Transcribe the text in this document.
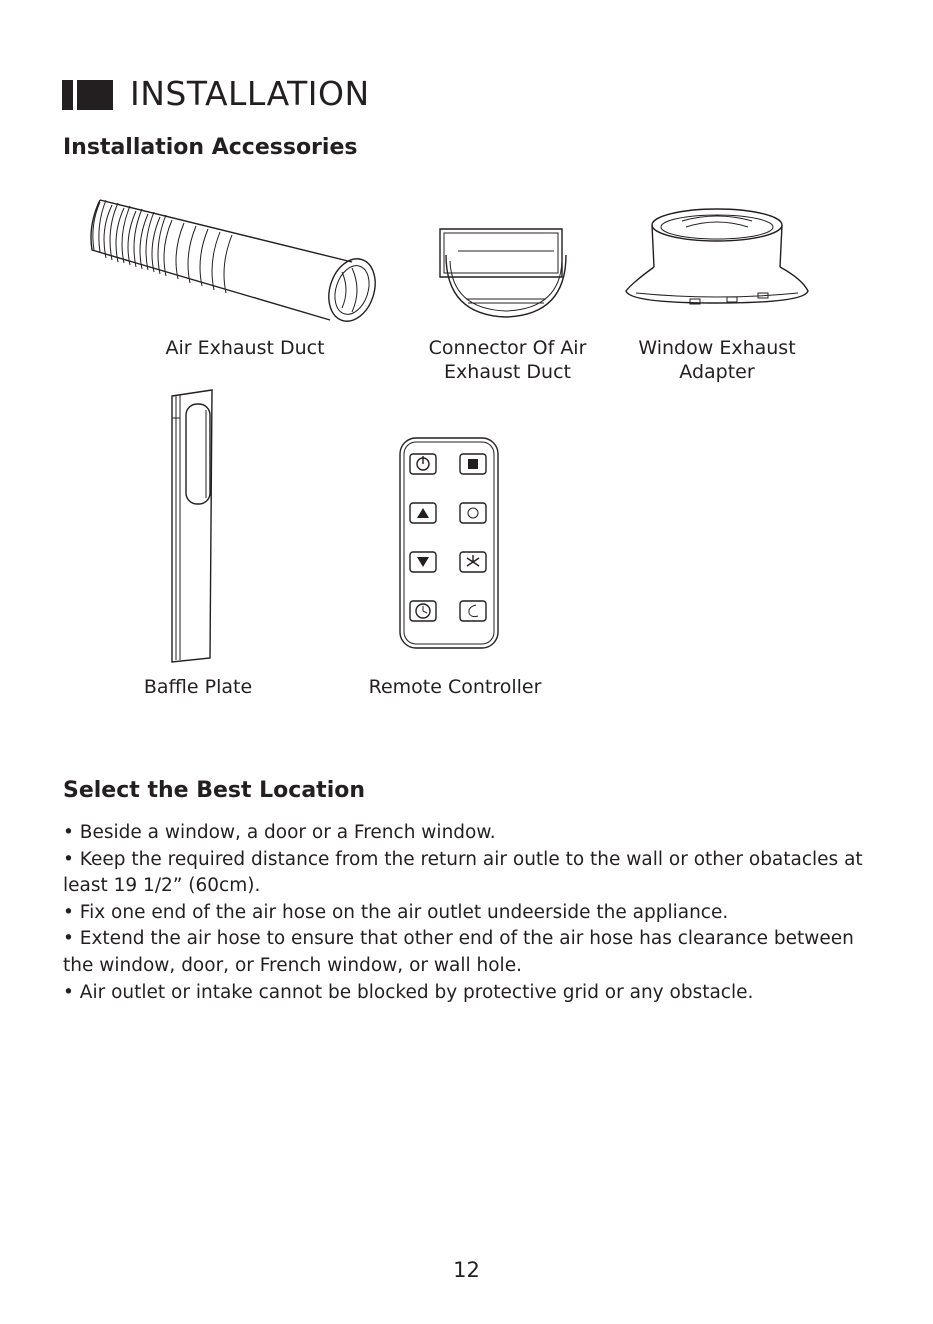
INSTALLATION
Installation Accessories
Air Exhaust Duct	Connector Of Air
Exhaust Duct
Window Exhaust
Adapter
Baffle Plate	Remote Controller
Select the Best Location
• Beside a window, a door or a French window.
• Keep the required distance from the return air outle to the wall or other obatacles at least 19 1/2” (60cm).
• Fix one end of the air hose on the air outlet undeerside the appliance.
• Extend the air hose to ensure that other end of the air hose has clearance between the window, door, or French window, or wall hole.
• Air outlet or intake cannot be blocked by protective grid or any obstacle.
12
